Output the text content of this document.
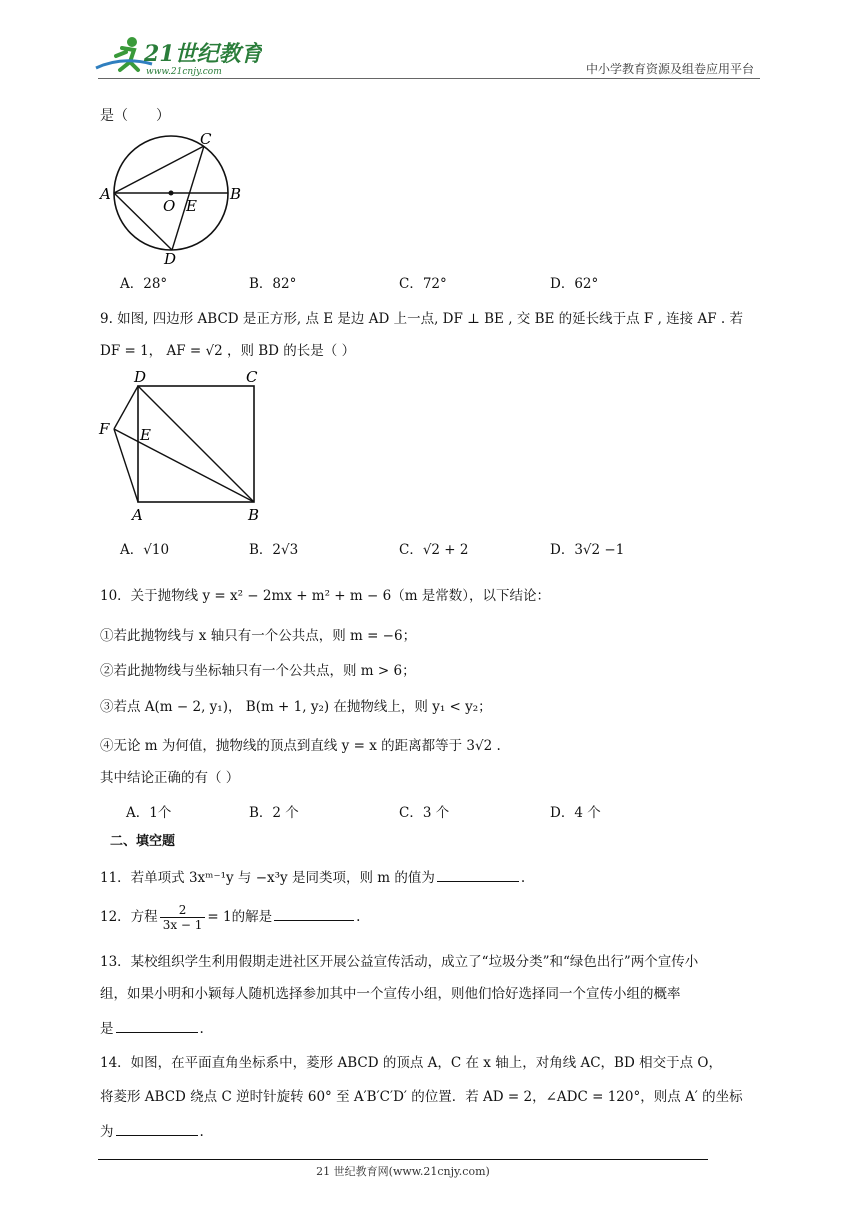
21世纪教育
www.21cnjy.com	中小学教育资源及组卷应用平台
是（　　）
A	B
C
D
O E
A．28°	B．82°	C．72°	D．62°
9. 如图, 四边形 ABCD 是正方形, 点 E 是边 AD 上一点, DF ⊥ BE , 交 BE 的延长线于点 F , 连接 AF . 若
DF = 1， AF = √2 ，则 BD 的长是（ ）
D	C
F E
A	B
A．√10	B．2√3	C．√2 + 2	D．3√2 −1
10．关于抛物线 y = x² − 2mx + m² + m − 6（m 是常数），以下结论：
①若此抛物线与 x 轴只有一个公共点，则 m = −6；
②若此抛物线与坐标轴只有一个公共点，则 m > 6；
③若点 A(m − 2, y₁)， B(m + 1, y₂) 在抛物线上，则 y₁ < y₂；
④无论 m 为何值，抛物线的顶点到直线 y = x 的距离都等于 3√2 .
其中结论正确的有（ ）
A．1个	B．2 个	C．3 个	D．4 个
二、填空题
11．若单项式 3xᵐ⁻¹y 与 −x³y 是同类项，则 m 的值为	.
12．方程 $\frac{2}{3x - 1} = 1$的解是	.
13．某校组织学生利用假期走进社区开展公益宣传活动，成立了“垃圾分类”和“绿色出行”两个宣传小
组，如果小明和小颖每人随机选择参加其中一个宣传小组，则他们恰好选择同一个宣传小组的概率
是	.
14．如图，在平面直角坐标系中，菱形 ABCD 的顶点 A，C 在 x 轴上，对角线 AC，BD 相交于点 O，
将菱形 ABCD 绕点 C 逆时针旋转 60° 至 A′B′C′D′ 的位置．若 AD = 2，∠ADC = 120°，则点 A′ 的坐标
为	.
21 世纪教育网(www.21cnjy.com)
